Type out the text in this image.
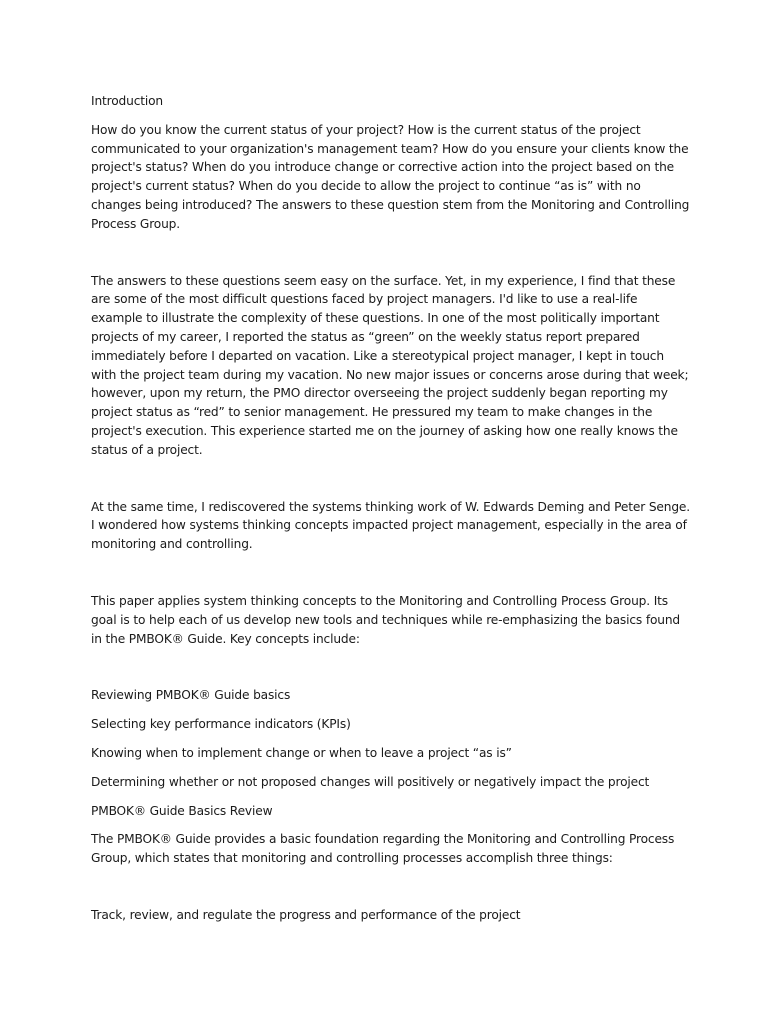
Introduction

How do you know the current status of your project? How is the current status of the project communicated to your organization's management team? How do you ensure your clients know the project's status? When do you introduce change or corrective action into the project based on the project's current status? When do you decide to allow the project to continue “as is” with no changes being introduced? The answers to these question stem from the Monitoring and Controlling Process Group.

The answers to these questions seem easy on the surface. Yet, in my experience, I find that these are some of the most difficult questions faced by project managers. I'd like to use a real-life example to illustrate the complexity of these questions. In one of the most politically important projects of my career, I reported the status as “green” on the weekly status report prepared immediately before I departed on vacation. Like a stereotypical project manager, I kept in touch with the project team during my vacation. No new major issues or concerns arose during that week; however, upon my return, the PMO director overseeing the project suddenly began reporting my project status as “red” to senior management. He pressured my team to make changes in the project's execution. This experience started me on the journey of asking how one really knows the status of a project.

At the same time, I rediscovered the systems thinking work of W. Edwards Deming and Peter Senge. I wondered how systems thinking concepts impacted project management, especially in the area of monitoring and controlling.

This paper applies system thinking concepts to the Monitoring and Controlling Process Group. Its goal is to help each of us develop new tools and techniques while re-emphasizing the basics found in the PMBOK® Guide. Key concepts include:

Reviewing PMBOK® Guide basics

Selecting key performance indicators (KPIs)

Knowing when to implement change or when to leave a project “as is”

Determining whether or not proposed changes will positively or negatively impact the project

PMBOK® Guide Basics Review

The PMBOK® Guide provides a basic foundation regarding the Monitoring and Controlling Process Group, which states that monitoring and controlling processes accomplish three things:

Track, review, and regulate the progress and performance of the project
